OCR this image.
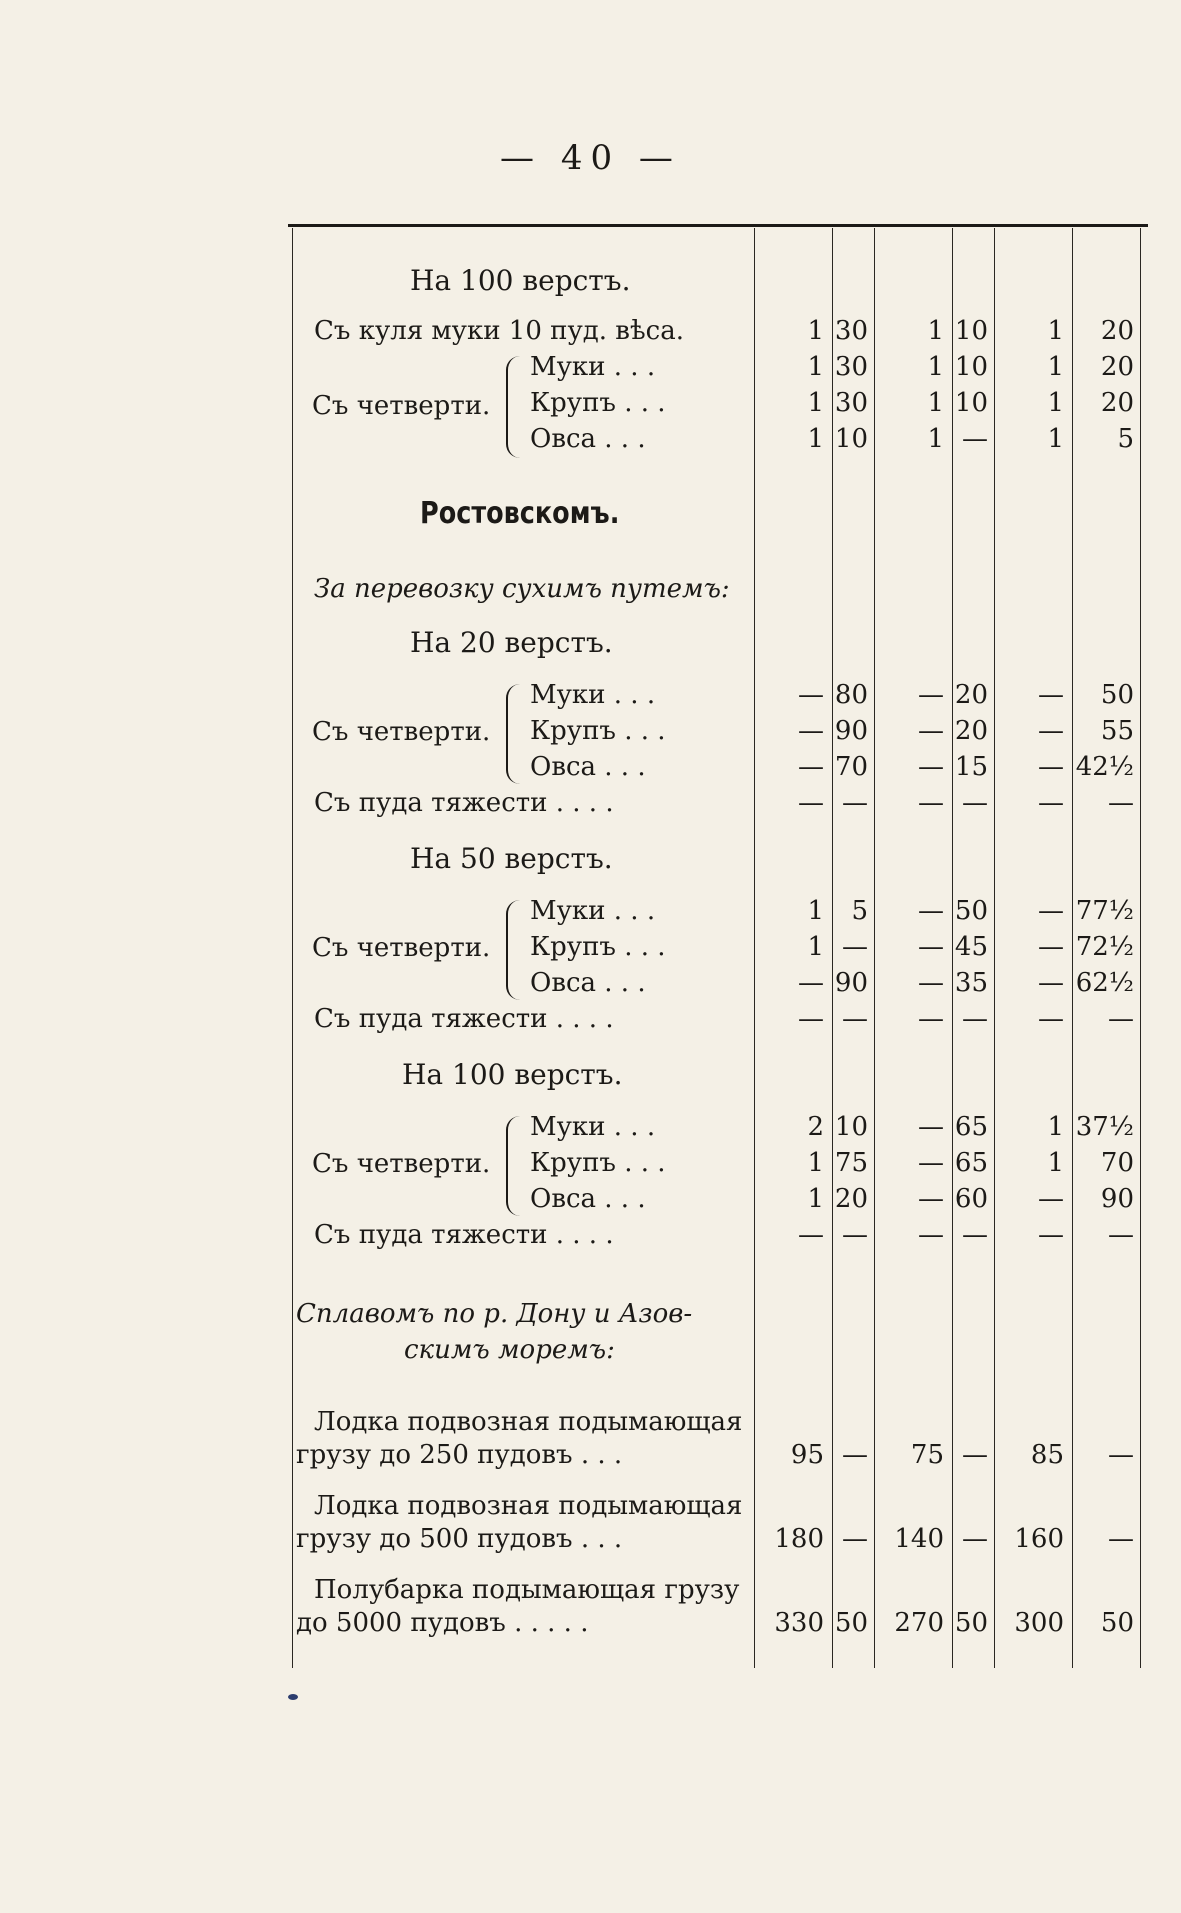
— 40 —
На 100 верстъ.
Съ куля муки 10 пуд. вѣса.	1 30	1 10	1	20
Съ четверти.
Муки . . .	1 30	1 10	1	20
Крупъ . . .	1 30	1 10	1	20
Овса . . .	1 10	1 —	1	5
Ростовскомъ.
За перевозку сухимъ путемъ:
На 20 верстъ.
Съ четверти.
Муки . . .	— 80	— 20	—	50
Крупъ . . .	— 90	— 20	—	55
Овса . . .	— 70	— 15	— 42½
Съ пуда тяжести . . . .	— —	— —	—	—
На 50 верстъ.
Съ четверти.
Муки . . .	1	5	— 50	— 77½
Крупъ . . .	1 —	— 45	— 72½
Овса . . .	— 90	— 35	— 62½
Съ пуда тяжести . . . .	— —	— —	—	—
На 100 верстъ.
Съ четверти.
Муки . . .	2 10	— 65	1 37½
Крупъ . . .	1 75	— 65	1	70
Овса . . .	1 20	— 60	—	90
Съ пуда тяжести . . . .	— —	— —	—	—
Сплавомъ по р. Дону и Азов-
скимъ моремъ:
Лодка подвозная подымающая
грузу до 250 пудовъ . . .	95 —	75 —	85	—
Лодка подвозная подымающая
грузу до 500 пудовъ . . .	180 —	140 —	160	—
Полубарка подымающая грузу
до 5000 пудовъ . . . . .	330 50	270 50	300	50
